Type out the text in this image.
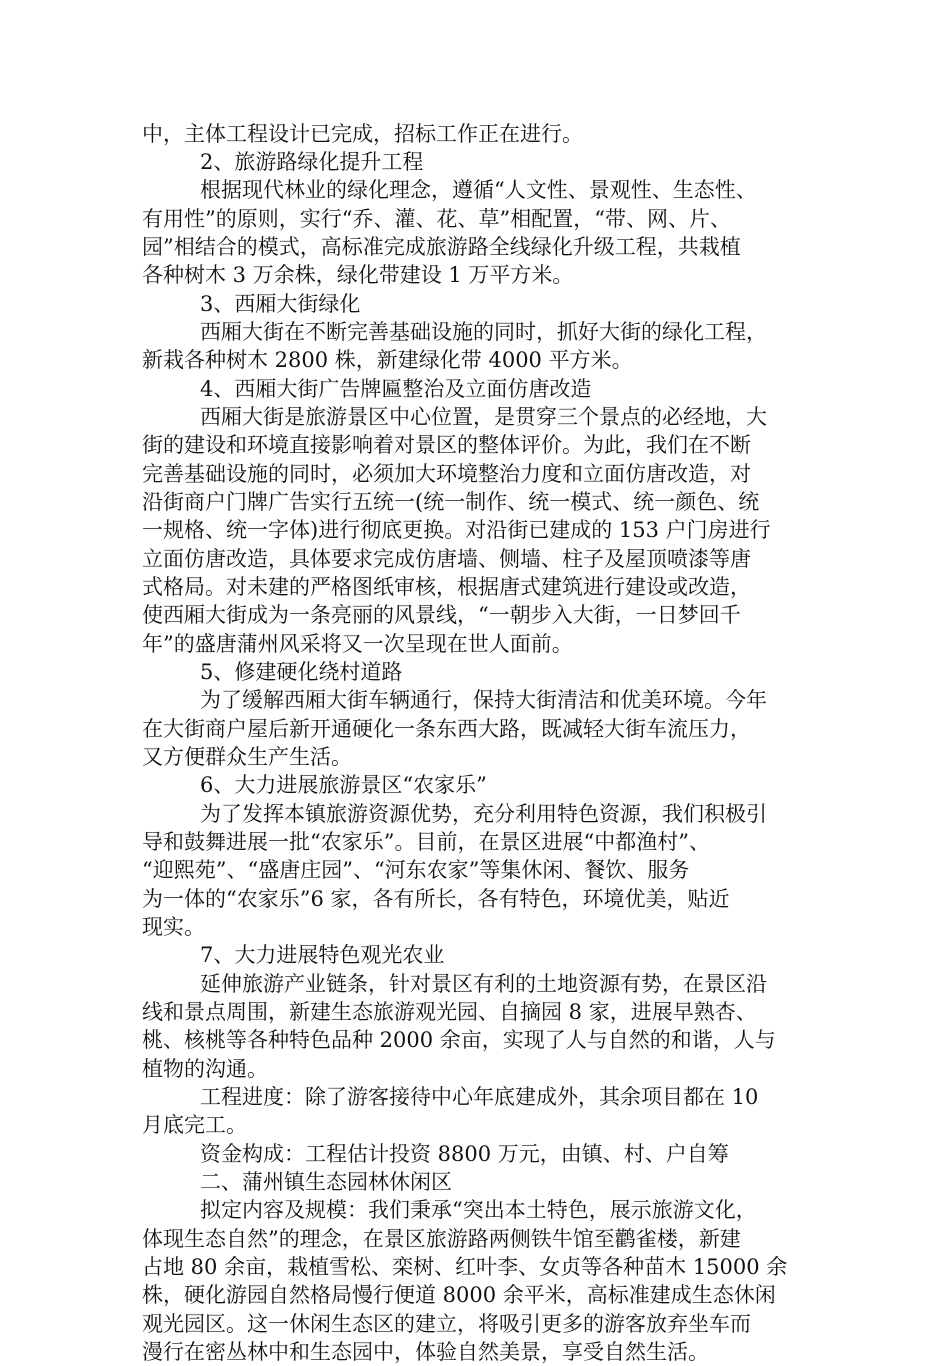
中，主体工程设计已完成，招标工作正在进行。
2、旅游路绿化提升工程
根据现代林业的绿化理念，遵循“人文性、景观性、生态性、
有用性”的原则，实行“乔、灌、花、草”相配置，“带、网、片、
园”相结合的模式，高标准完成旅游路全线绿化升级工程，共栽植
各种树木 3 万余株，绿化带建设 1 万平方米。
3、西厢大街绿化
西厢大街在不断完善基础设施的同时，抓好大街的绿化工程，
新栽各种树木 2800 株，新建绿化带 4000 平方米。
4、西厢大街广告牌匾整治及立面仿唐改造
西厢大街是旅游景区中心位置，是贯穿三个景点的必经地，大
街的建设和环境直接影响着对景区的整体评价。为此，我们在不断
完善基础设施的同时，必须加大环境整治力度和立面仿唐改造，对
沿街商户门牌广告实行五统一(统一制作、统一模式、统一颜色、统
一规格、统一字体)进行彻底更换。对沿街已建成的 153 户门房进行
立面仿唐改造，具体要求完成仿唐墙、侧墙、柱子及屋顶喷漆等唐
式格局。对未建的严格图纸审核，根据唐式建筑进行建设或改造，
使西厢大街成为一条亮丽的风景线，“一朝步入大街，一日梦回千
年”的盛唐蒲州风采将又一次呈现在世人面前。
5、修建硬化绕村道路
为了缓解西厢大街车辆通行，保持大街清洁和优美环境。今年
在大街商户屋后新开通硬化一条东西大路，既减轻大街车流压力，
又方便群众生产生活。
6、大力进展旅游景区“农家乐”
为了发挥本镇旅游资源优势，充分利用特色资源，我们积极引
导和鼓舞进展一批“农家乐”。目前，在景区进展“中都渔村”、
“迎熙苑”、“盛唐庄园”、“河东农家”等集休闲、餐饮、服务
为一体的“农家乐”6 家，各有所长，各有特色，环境优美，贴近
现实。
7、大力进展特色观光农业
延伸旅游产业链条，针对景区有利的土地资源有势，在景区沿
线和景点周围，新建生态旅游观光园、自摘园 8 家，进展早熟杏、
桃、核桃等各种特色品种 2000 余亩，实现了人与自然的和谐，人与
植物的沟通。
工程进度：除了游客接待中心年底建成外，其余项目都在 10
月底完工。
资金构成：工程估计投资 8800 万元，由镇、村、户自筹
二、蒲州镇生态园林休闲区
拟定内容及规模：我们秉承“突出本土特色，展示旅游文化，
体现生态自然”的理念，在景区旅游路两侧铁牛馆至鹳雀楼，新建
占地 80 余亩，栽植雪松、栾树、红叶李、女贞等各种苗木 15000 余
株，硬化游园自然格局慢行便道 8000 余平米，高标准建成生态休闲
观光园区。这一休闲生态区的建立，将吸引更多的游客放弃坐车而
漫行在密丛林中和生态园中，体验自然美景，享受自然生活。
